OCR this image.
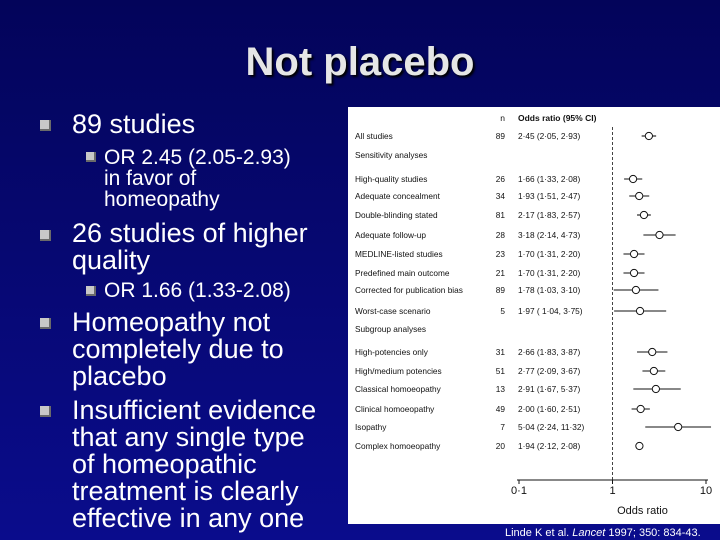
Not placebo
89 studies
OR 2.45 (2.05-2.93)
in favor of
homeopathy
26 studies of higher
quality
OR 1.66 (1.33-2.08)
Homeopathy not
completely due to
placebo
Insufficient evidence
that any single type
of homeopathic
treatment is clearly
effective in any one
n Odds ratio (95% CI)
All studies	89 2·45 (2·05, 2·93)
Sensitivity analyses
High-quality studies	26 1·66 (1·33, 2·08)
Adequate concealment	34 1·93 (1·51, 2·47)
Double-blinding stated	81 2·17 (1·83, 2·57)
Adequate follow-up	28 3·18 (2·14, 4·73)
MEDLINE-listed studies	23 1·70 (1·31, 2·20)
Predefined main outcome	21 1·70 (1·31, 2·20)
Corrected for publication bias	89 1·78 (1·03, 3·10)
Worst-case scenario	5 1·97 ( 1·04, 3·75)
Subgroup analyses
High-potencies only	31 2·66 (1·83, 3·87)
High/medium potencies	51 2·77 (2·09, 3·67)
Classical homoeopathy	13 2·91 (1·67, 5·37)
Clinical homoeopathy	49 2·00 (1·60, 2·51)
Isopathy	7 5·04 (2·24, 11·32)
Complex homoeopathy	20 1·94 (2·12, 2·08)
0·1	1	10
Odds ratio
Linde K et al. Lancet 1997; 350: 834-43.
